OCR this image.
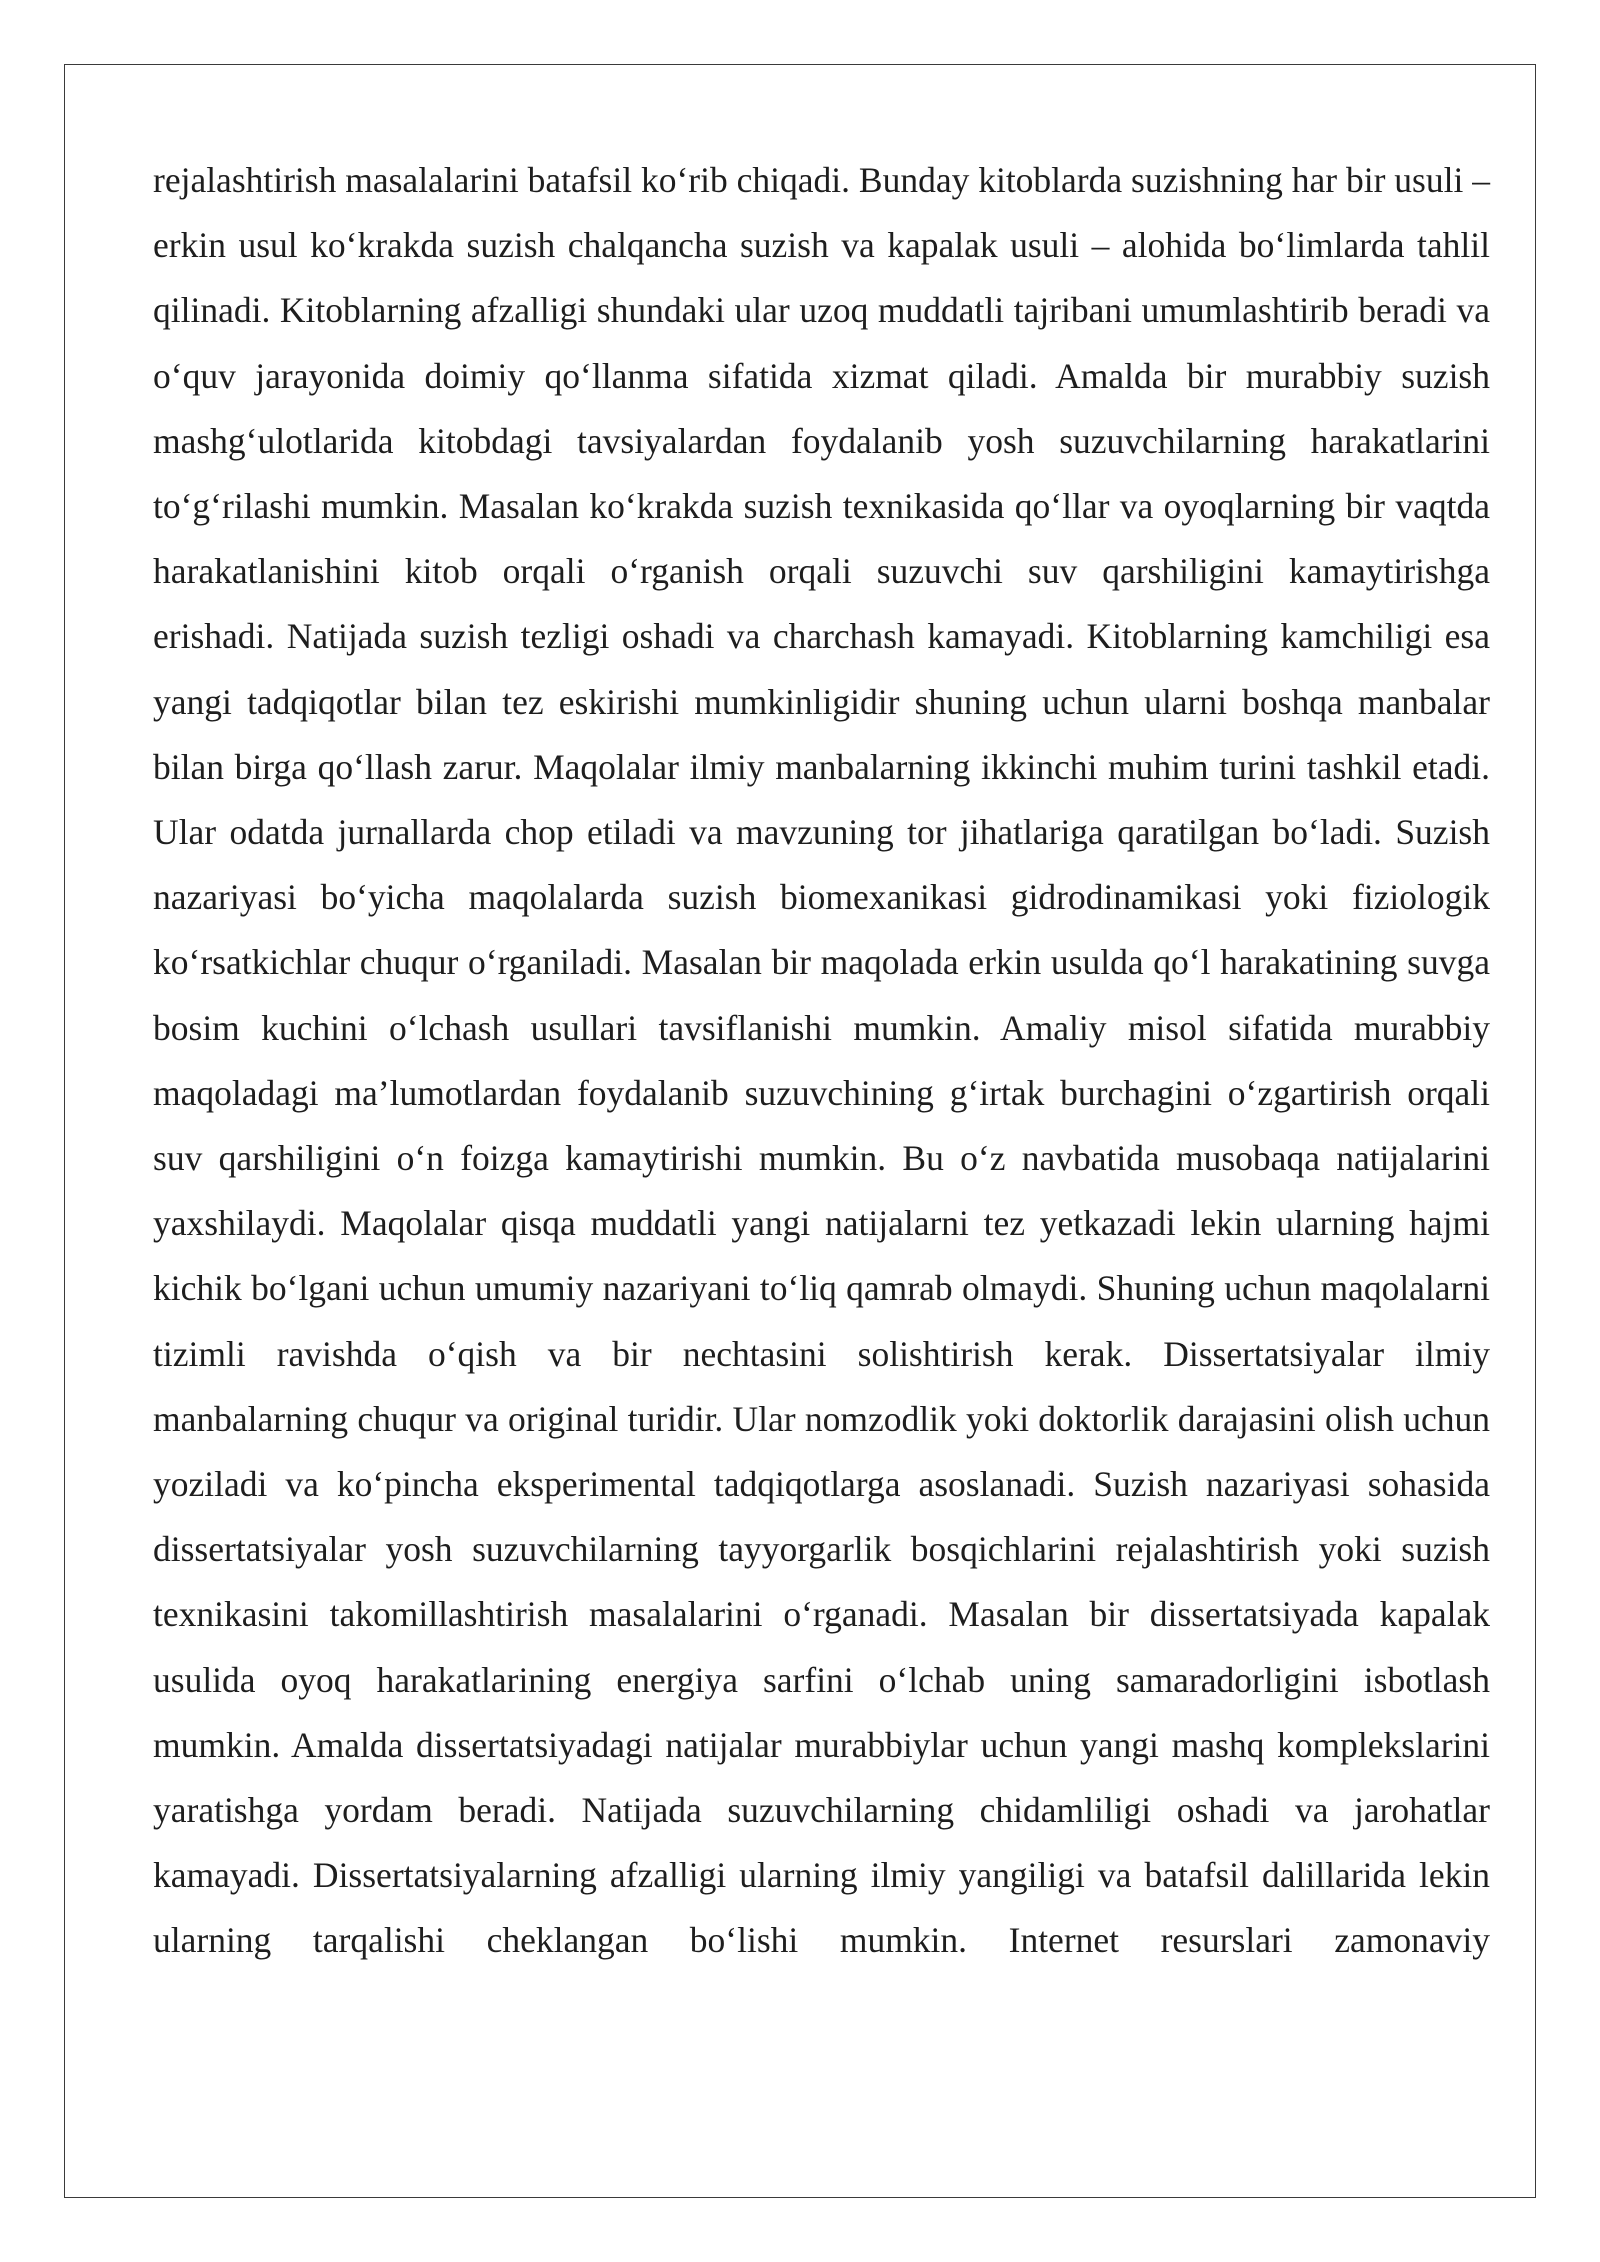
rejalashtirish masalalarini batafsil ko‘rib chiqadi. Bunday kitoblarda suzishning har bir usuli – erkin usul ko‘krakda suzish chalqancha suzish va kapalak usuli – alohida bo‘limlarda tahlil qilinadi. Kitoblarning afzalligi shundaki ular uzoq muddatli tajribani umumlashtirib beradi va o‘quv jarayonida doimiy qo‘llanma sifatida xizmat qiladi. Amalda bir murabbiy suzish mashg‘ulotlarida kitobdagi tavsiyalardan foydalanib yosh suzuvchilarning harakatlarini to‘g‘rilashi mumkin. Masalan ko‘krakda suzish texnikasida qo‘llar va oyoqlarning bir vaqtda harakatlanishini kitob orqali o‘rganish orqali suzuvchi suv qarshiligini kamaytirishga erishadi. Natijada suzish tezligi oshadi va charchash kamayadi. Kitoblarning kamchiligi esa yangi tadqiqotlar bilan tez eskirishi mumkinligidir shuning uchun ularni boshqa manbalar bilan birga qo‘llash zarur. Maqolalar ilmiy manbalarning ikkinchi muhim turini tashkil etadi. Ular odatda jurnallarda chop etiladi va mavzuning tor jihatlariga qaratilgan bo‘ladi. Suzish nazariyasi bo‘yicha maqolalarda suzish biomexanikasi gidrodinamikasi yoki fiziologik ko‘rsatkichlar chuqur o‘rganiladi. Masalan bir maqolada erkin usulda qo‘l harakatining suvga bosim kuchini o‘lchash usullari tavsiflanishi mumkin. Amaliy misol sifatida murabbiy maqoladagi ma’lumotlardan foydalanib suzuvchining g‘irtak burchagini o‘zgartirish orqali suv qarshiligini o‘n foizga kamaytirishi mumkin. Bu o‘z navbatida musobaqa natijalarini yaxshilaydi. Maqolalar qisqa muddatli yangi natijalarni tez yetkazadi lekin ularning hajmi kichik bo‘lgani uchun umumiy nazariyani to‘liq qamrab olmaydi. Shuning uchun maqolalarni tizimli ravishda o‘qish va bir nechtasini solishtirish kerak. Dissertatsiyalar ilmiy manbalarning chuqur va original turidir. Ular nomzodlik yoki doktorlik darajasini olish uchun yoziladi va ko‘pincha eksperimental tadqiqotlarga asoslanadi. Suzish nazariyasi sohasida dissertatsiyalar yosh suzuvchilarning tayyorgarlik bosqichlarini rejalashtirish yoki suzish texnikasini takomillashtirish masalalarini o‘rganadi. Masalan bir dissertatsiyada kapalak usulida oyoq harakatlarining energiya sarfini o‘lchab uning samaradorligini isbotlash mumkin. Amalda dissertatsiyadagi natijalar murabbiylar uchun yangi mashq komplekslarini yaratishga yordam beradi. Natijada suzuvchilarning chidamliligi oshadi va jarohatlar kamayadi. Dissertatsiyalarning afzalligi ularning ilmiy yangiligi va batafsil dalillarida lekin ularning tarqalishi cheklangan bo‘lishi mumkin. Internet resurslari zamonaviy
